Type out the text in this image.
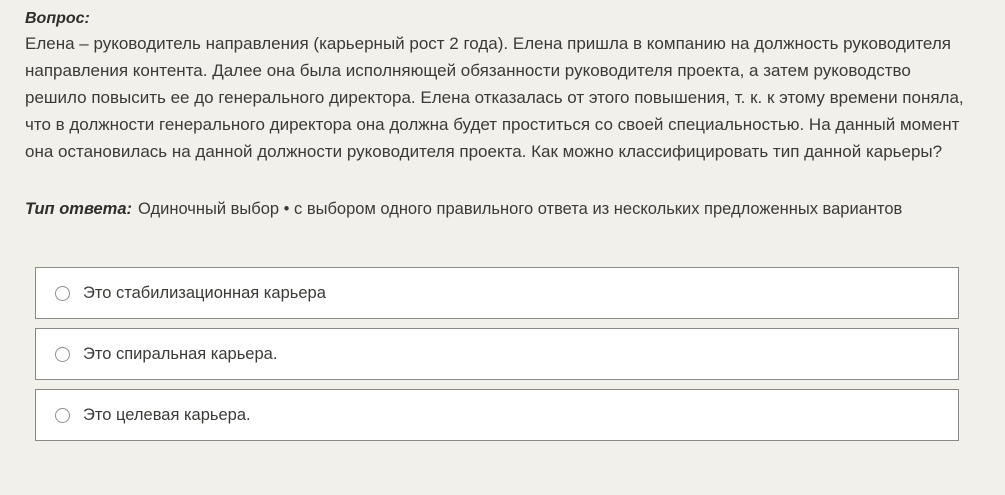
Вопрос:

Елена – руководитель направления (карьерный рост 2 года). Елена пришла в компанию на должность руководителя направления контента. Далее она была исполняющей обязанности руководителя проекта, а затем руководство решило повысить ее до генерального директора. Елена отказалась от этого повышения, т. к. к этому времени поняла, что в должности генерального директора она должна будет проститься со своей специальностью. На данный момент она остановилась на данной должности руководителя проекта. Как можно классифицировать тип данной карьеры?

Тип ответа: Одиночный выбор • с выбором одного правильного ответа из нескольких предложенных вариантов
Это стабилизационная карьера
Это спиральная карьера.
Это целевая карьера.
